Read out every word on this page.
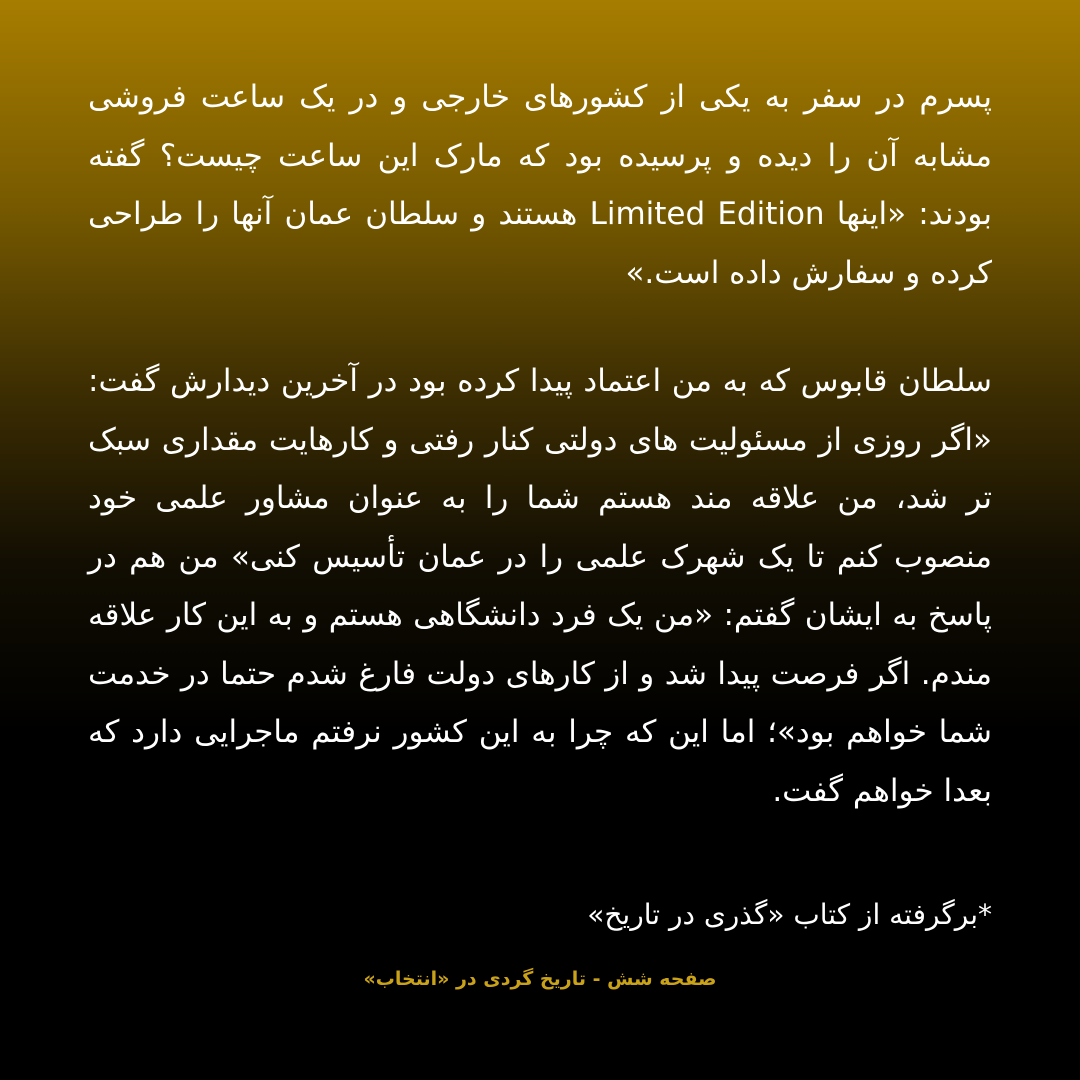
پسرم در سفر به یکی از کشورهای خارجی و در یک ساعت فروشی مشابه آن را دیده و پرسیده بود که مارک این ساعت چیست؟ گفته بودند: «اینها Limited Edition هستند و سلطان عمان آنها را طراحی کرده و سفارش داده است.»

سلطان قابوس که به من اعتماد پیدا کرده بود در آخرین دیدارش گفت: «اگر روزی از مسئولیت های دولتی کنار رفتی و کارهایت مقداری سبک تر شد، من علاقه مند هستم شما را به عنوان مشاور علمی خود منصوب کنم تا یک شهرک علمی را در عمان تأسیس کنی» من هم در پاسخ به ایشان گفتم: «من یک فرد دانشگاهی هستم و به این کار علاقه مندم. اگر فرصت پیدا شد و از کارهای دولت فارغ شدم حتما در خدمت شما خواهم بود»؛ اما این که چرا به این کشور نرفتم ماجرایی دارد که بعدا خواهم گفت.

*برگرفته از کتاب «گذری در تاریخ»

صفحه شش - تاریخ گردی در «انتخاب»
